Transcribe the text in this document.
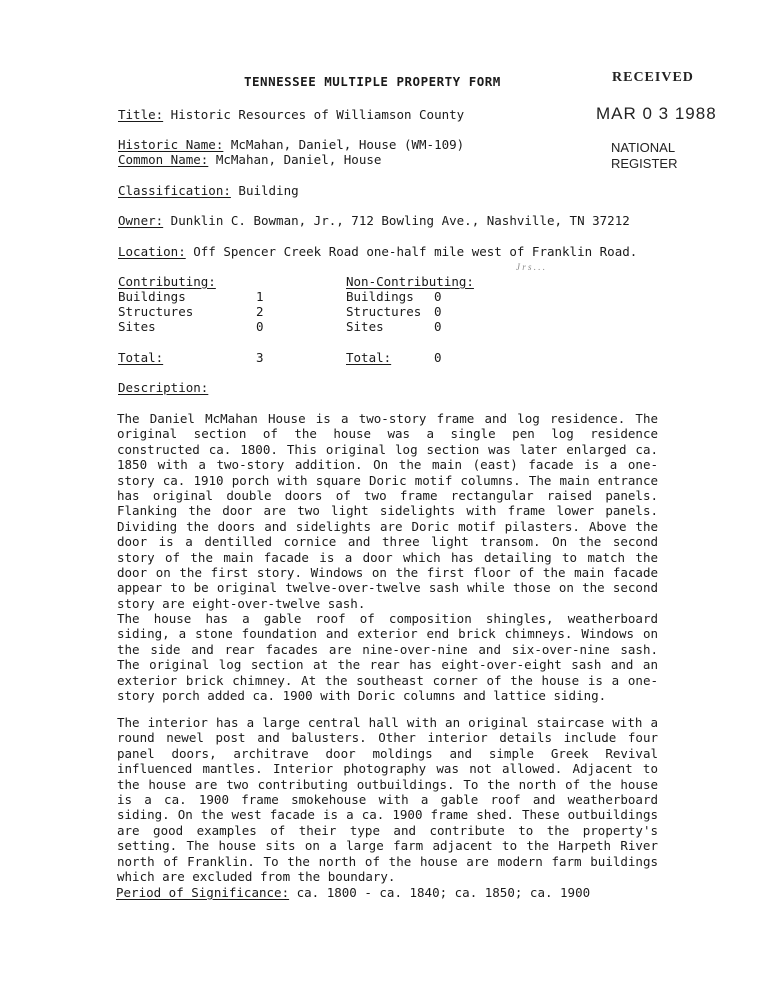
TENNESSEE MULTIPLE PROPERTY FORM	RECEIVED
MAR 0 3 1988
NATIONAL
REGISTER
Title: Historic Resources of Williamson County
Historic Name: McMahan, Daniel, House (WM-109)
Common Name: McMahan, Daniel, House
Classification: Building
Owner: Dunklin C. Bowman, Jr., 712 Bowling Ave., Nashville, TN 37212
Location: Off Spencer Creek Road one-half mile west of Franklin Road.
J r s . . .
Contributing:	Non-Contributing:
Buildings	1	Buildings 0
Structures	2	Structures 0
Sites	0	Sites	0
Total:	3	Total:	0
Description:

The Daniel McMahan House is a two-story frame and log residence. The original section of the house was a single pen log residence constructed ca. 1800. This original log section was later enlarged ca. 1850 with a two-story addition. On the main (east) facade is a one-story ca. 1910 porch with square Doric motif columns. The main entrance has original double doors of two frame rectangular raised panels. Flanking the door are two light sidelights with frame lower panels. Dividing the doors and sidelights are Doric motif pilasters. Above the door is a dentilled cornice and three light transom. On the second story of the main facade is a door which has detailing to match the door on the first story. Windows on the first floor of the main facade appear to be original twelve-over-twelve sash while those on the second story are eight-over-twelve sash.

The house has a gable roof of composition shingles, weatherboard siding, a stone foundation and exterior end brick chimneys. Windows on the side and rear facades are nine-over-nine and six-over-nine sash. The original log section at the rear has eight-over-eight sash and an exterior brick chimney. At the southeast corner of the house is a one-story porch added ca. 1900 with Doric columns and lattice siding.

The interior has a large central hall with an original staircase with a round newel post and balusters. Other interior details include four panel doors, architrave door moldings and simple Greek Revival influenced mantles. Interior photography was not allowed. Adjacent to the house are two contributing outbuildings. To the north of the house is a ca. 1900 frame smokehouse with a gable roof and weatherboard siding. On the west facade is a ca. 1900 frame shed. These outbuildings are good examples of their type and contribute to the property's setting. The house sits on a large farm adjacent to the Harpeth River north of Franklin. To the north of the house are modern farm buildings which are excluded from the boundary.

Period of Significance: ca. 1800 - ca. 1840; ca. 1850; ca. 1900
